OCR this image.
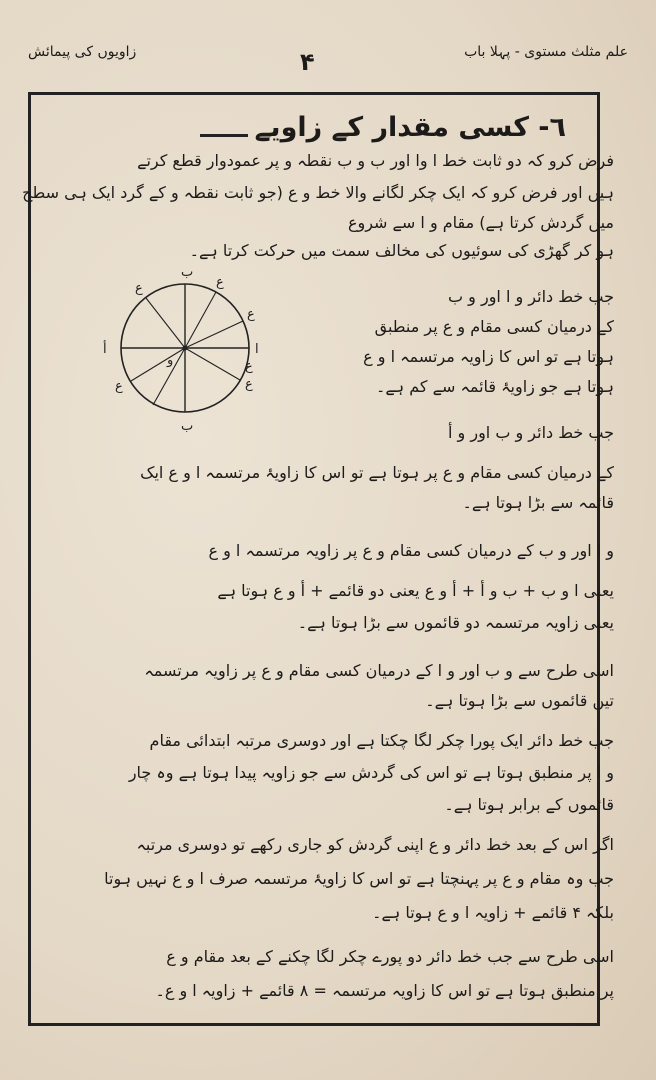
علم مثلث مستوی - پہلا باب
۴
زاویوں کی پیمائش
٦- کسی مقدار کے زاویے
ب
ب
أ	ا
و
ع
ع
ع
ع
ع
ع
فرض کرو کہ دو ثابت خط ا وا اور ب و ب نقطہ و پر عمودوار قطع کرتے
ہیں اور فرض کرو کہ ایک چکر لگانے والا خط و ع (جو ثابت نقطہ و کے گرد ایک ہی سطح
میں گردش کرتا ہے) مقام و ا سے شروع
ہو کر گھڑی کی سوئیوں کی مخالف سمت میں حرکت کرتا ہے۔
جب خط دائر و ا اور و ب
کے درمیان کسی مقام و ع پر منطبق
ہوتا ہے تو اس کا زاویہ مرتسمہ ا و ع
ہوتا ہے جو زاویۂ قائمہ سے کم ہے۔
جب خط دائر و ب اور و أ
کے درمیان کسی مقام و ع پر ہوتا ہے تو اس کا زاویۂ مرتسمہ ا و ع ایک
قائمہ سے بڑا ہوتا ہے۔
و ا اور و ب کے درمیان کسی مقام و ع پر زاویہ مرتسمہ ا و ع
یعنی ا و ب + ب و أ + أ و ع یعنی دو قائمے + أ و ع ہوتا ہے
یعنی زاویہ مرتسمہ دو قائموں سے بڑا ہوتا ہے۔
اسی طرح سے و ب اور و ا کے درمیان کسی مقام و ع پر زاویہ مرتسمہ
تین قائموں سے بڑا ہوتا ہے۔
جب خط دائر ایک پورا چکر لگا چکتا ہے اور دوسری مرتبہ ابتدائی مقام
و ا پر منطبق ہوتا ہے تو اس کی گردش سے جو زاویہ پیدا ہوتا ہے وہ چار
قائموں کے برابر ہوتا ہے۔
اگر اس کے بعد خط دائر و ع اپنی گردش کو جاری رکھے تو دوسری مرتبہ
جب وہ مقام و ع پر پہنچتا ہے تو اس کا زاویۂ مرتسمہ صرف ا و ع نہیں ہوتا
بلکہ ۴ قائمے + زاویہ ا و ع ہوتا ہے۔
اسی طرح سے جب خط دائر دو پورے چکر لگا چکنے کے بعد مقام و ع
پر منطبق ہوتا ہے تو اس کا زاویہ مرتسمہ = ۸ قائمے + زاویہ ا و ع۔
